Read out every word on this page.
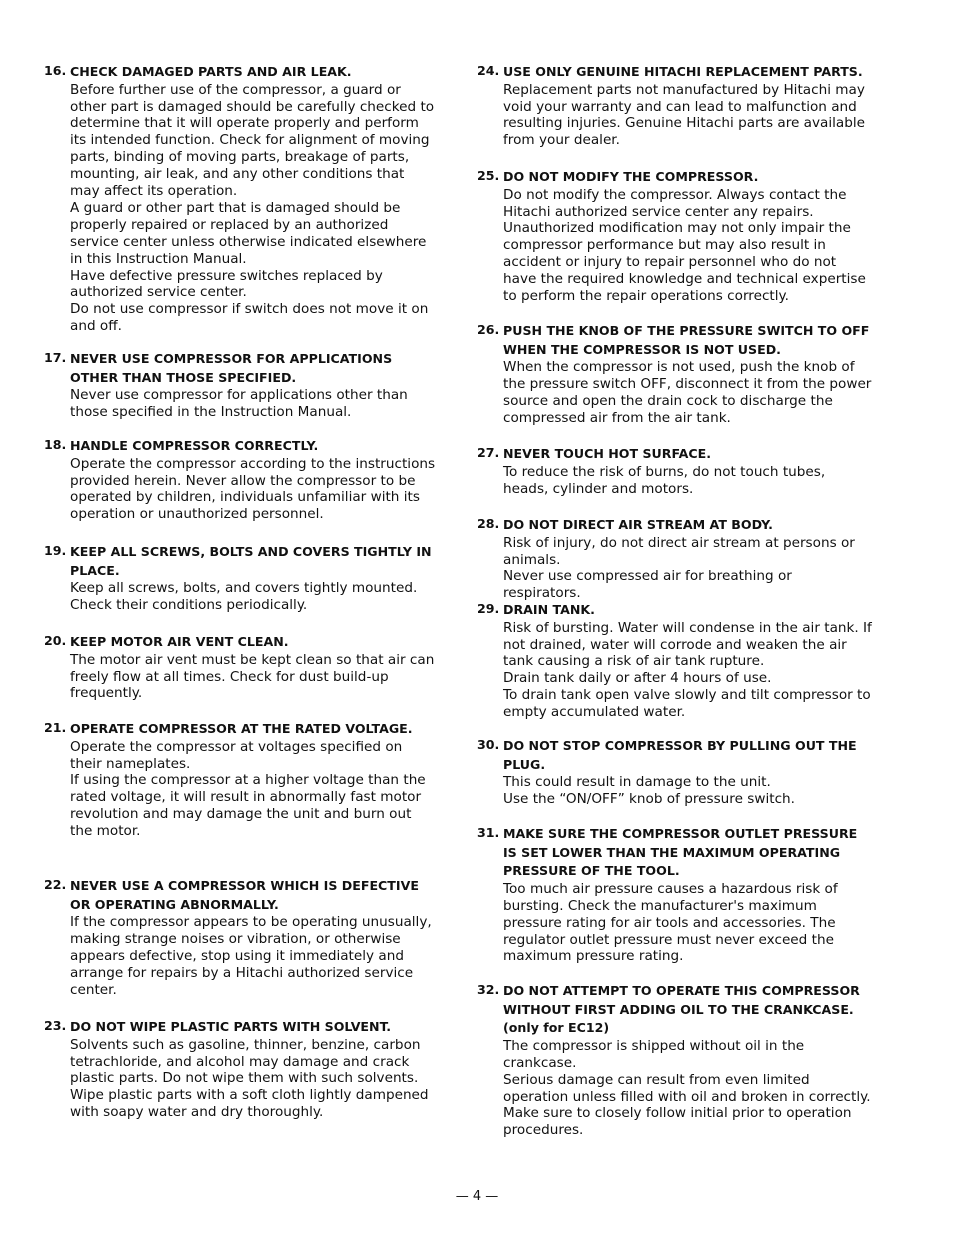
16. CHECK DAMAGED PARTS AND AIR LEAK.
Before further use of the compressor, a guard or other part is damaged should be carefully checked to determine that it will operate properly and perform its intended function. Check for alignment of moving parts, binding of moving parts, breakage of parts, mounting, air leak, and any other conditions that may affect its operation.
A guard or other part that is damaged should be properly repaired or replaced by an authorized service center unless otherwise indicated elsewhere in this Instruction Manual.
Have defective pressure switches replaced by authorized service center.
Do not use compressor if switch does not move it on and off.
17. NEVER USE COMPRESSOR FOR APPLICATIONS OTHER THAN THOSE SPECIFIED.
Never use compressor for applications other than those specified in the Instruction Manual.
18. HANDLE COMPRESSOR CORRECTLY.
Operate the compressor according to the instructions provided herein. Never allow the compressor to be operated by children, individuals unfamiliar with its operation or unauthorized personnel.
19. KEEP ALL SCREWS, BOLTS AND COVERS TIGHTLY IN PLACE.
Keep all screws, bolts, and covers tightly mounted. Check their conditions periodically.
20. KEEP MOTOR AIR VENT CLEAN.
The motor air vent must be kept clean so that air can freely flow at all times. Check for dust build-up frequently.
21. OPERATE COMPRESSOR AT THE RATED VOLTAGE.
Operate the compressor at voltages specified on their nameplates.
If using the compressor at a higher voltage than the rated voltage, it will result in abnormally fast motor revolution and may damage the unit and burn out the motor.
22. NEVER USE A COMPRESSOR WHICH IS DEFECTIVE OR OPERATING ABNORMALLY.
If the compressor appears to be operating unusually, making strange noises or vibration, or otherwise appears defective, stop using it immediately and arrange for repairs by a Hitachi authorized service center.
23. DO NOT WIPE PLASTIC PARTS WITH SOLVENT.
Solvents such as gasoline, thinner, benzine, carbon tetrachloride, and alcohol may damage and crack plastic parts. Do not wipe them with such solvents. Wipe plastic parts with a soft cloth lightly dampened with soapy water and dry thoroughly.
24. USE ONLY GENUINE HITACHI REPLACEMENT PARTS.
Replacement parts not manufactured by Hitachi may void your warranty and can lead to malfunction and resulting injuries. Genuine Hitachi parts are available from your dealer.
25. DO NOT MODIFY THE COMPRESSOR.
Do not modify the compressor. Always contact the Hitachi authorized service center any repairs. Unauthorized modification may not only impair the compressor performance but may also result in accident or injury to repair personnel who do not have the required knowledge and technical expertise to perform the repair operations correctly.
26. PUSH THE KNOB OF THE PRESSURE SWITCH TO OFF WHEN THE COMPRESSOR IS NOT USED.
When the compressor is not used, push the knob of the pressure switch OFF, disconnect it from the power source and open the drain cock to discharge the compressed air from the air tank.
27. NEVER TOUCH HOT SURFACE.
To reduce the risk of burns, do not touch tubes, heads, cylinder and motors.
28. DO NOT DIRECT AIR STREAM AT BODY.
Risk of injury, do not direct air stream at persons or animals.
Never use compressed air for breathing or respirators.
29. DRAIN TANK.
Risk of bursting. Water will condense in the air tank. If not drained, water will corrode and weaken the air tank causing a risk of air tank rupture.
Drain tank daily or after 4 hours of use.
To drain tank open valve slowly and tilt compressor to empty accumulated water.
30. DO NOT STOP COMPRESSOR BY PULLING OUT THE PLUG.
This could result in damage to the unit.
Use the “ON/OFF” knob of pressure switch.
31. MAKE SURE THE COMPRESSOR OUTLET PRESSURE IS SET LOWER THAN THE MAXIMUM OPERATING PRESSURE OF THE TOOL.
Too much air pressure causes a hazardous risk of bursting. Check the manufacturer's maximum pressure rating for air tools and accessories. The regulator outlet pressure must never exceed the maximum pressure rating.
32. DO NOT ATTEMPT TO OPERATE THIS COMPRESSOR WITHOUT FIRST ADDING OIL TO THE CRANKCASE. (only for EC12)
The compressor is shipped without oil in the crankcase.
Serious damage can result from even limited operation unless filled with oil and broken in correctly. Make sure to closely follow initial prior to operation procedures.
— 4 —
